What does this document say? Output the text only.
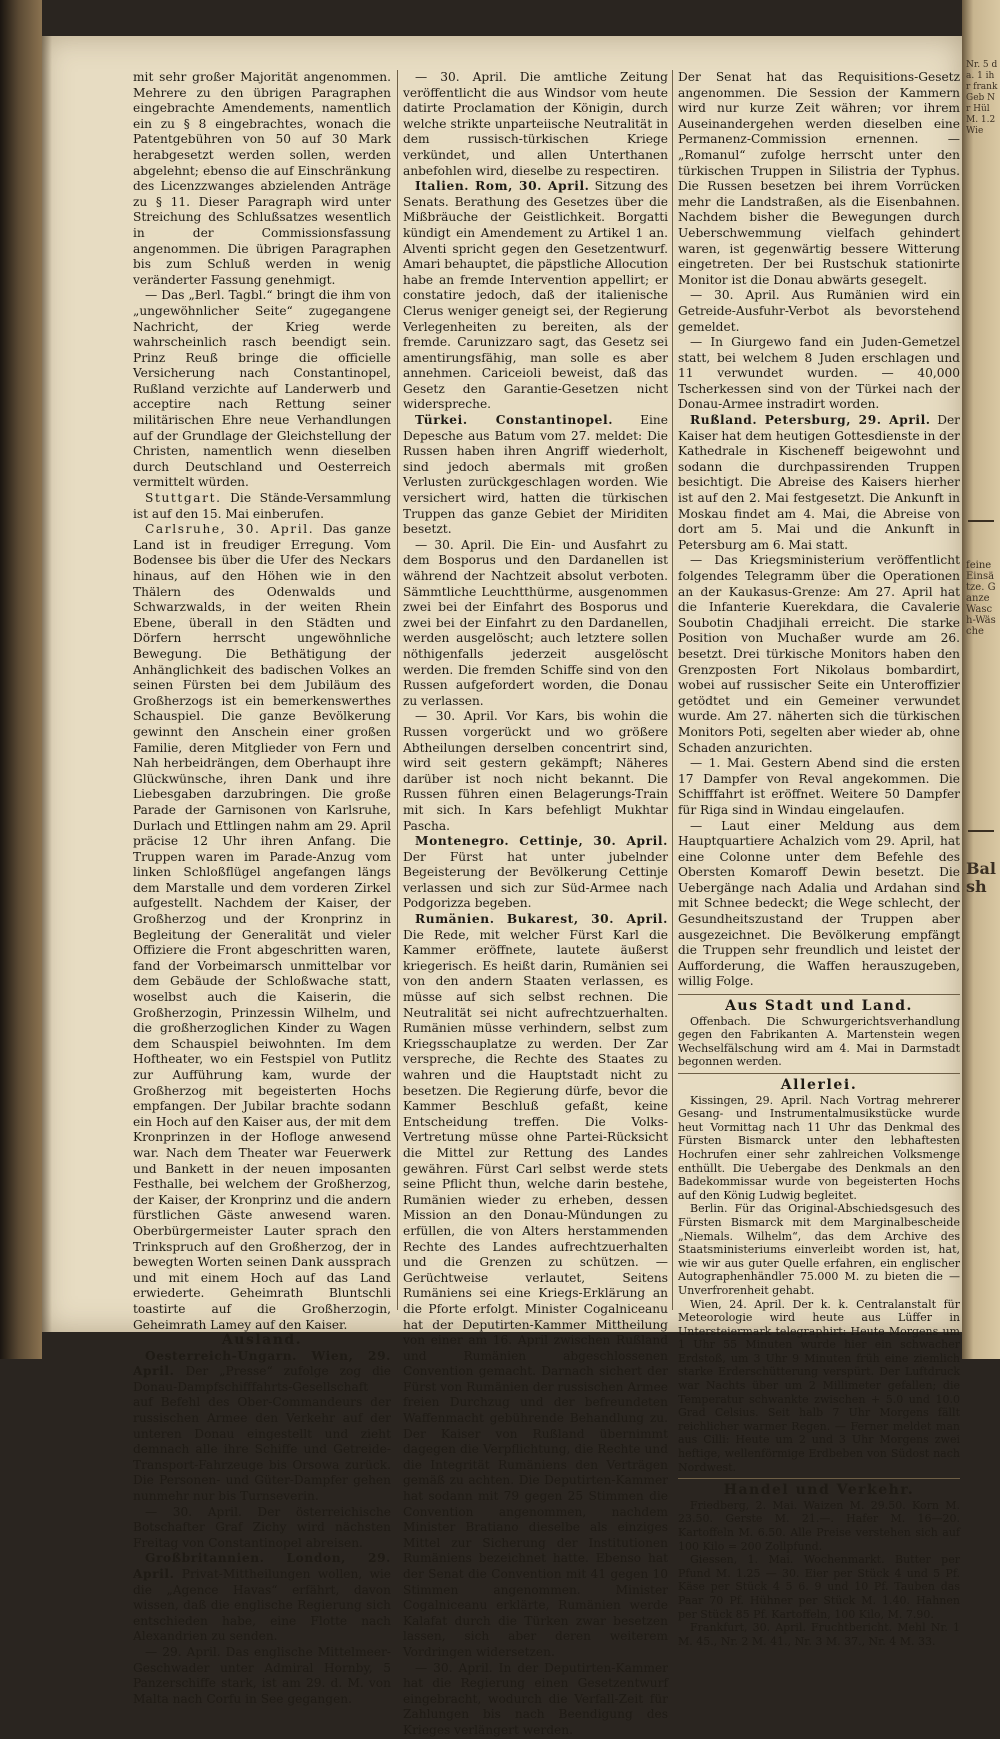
mit sehr großer Majorität angenommen. Mehrere zu den übrigen Paragraphen eingebrachte Amendements, namentlich ein zu § 8 eingebrachtes, wonach die Patentgebühren von 50 auf 30 Mark herabgesetzt werden sollen, werden abgelehnt; ebenso die auf Einschränkung des Licenzzwanges abzielenden Anträge zu § 11. Dieser Paragraph wird unter Streichung des Schlußsatzes wesentlich in der Commissionsfassung angenommen. Die übrigen Paragraphen bis zum Schluß werden in wenig veränderter Fassung genehmigt.

— Das „Berl. Tagbl.“ bringt die ihm von „ungewöhnlicher Seite“ zugegangene Nachricht, der Krieg werde wahrscheinlich rasch beendigt sein. Prinz Reuß bringe die officielle Versicherung nach Constantinopel, Rußland verzichte auf Landerwerb und acceptire nach Rettung seiner militärischen Ehre neue Verhandlungen auf der Grundlage der Gleichstellung der Christen, namentlich wenn dieselben durch Deutschland und Oesterreich vermittelt würden.

Stuttgart. Die Stände-Versammlung ist auf den 15. Mai einberufen.

Carlsruhe, 30. April. Das ganze Land ist in freudiger Erregung. Vom Bodensee bis über die Ufer des Neckars hinaus, auf den Höhen wie in den Thälern des Odenwalds und Schwarzwalds, in der weiten Rhein Ebene, überall in den Städten und Dörfern herrscht ungewöhnliche Bewegung. Die Bethätigung der Anhänglichkeit des badischen Volkes an seinen Fürsten bei dem Jubiläum des Großherzogs ist ein bemerkenswerthes Schauspiel. Die ganze Bevölkerung gewinnt den Anschein einer großen Familie, deren Mitglieder von Fern und Nah herbeidrängen, dem Oberhaupt ihre Glückwünsche, ihren Dank und ihre Liebesgaben darzubringen. Die große Parade der Garnisonen von Karlsruhe, Durlach und Ettlingen nahm am 29. April präcise 12 Uhr ihren Anfang. Die Truppen waren im Parade-Anzug vom linken Schloßflügel angefangen längs dem Marstalle und dem vorderen Zirkel aufgestellt. Nachdem der Kaiser, der Großherzog und der Kronprinz in Begleitung der Generalität und vieler Offiziere die Front abgeschritten waren, fand der Vorbeimarsch unmittelbar vor dem Gebäude der Schloßwache statt, woselbst auch die Kaiserin, die Großherzogin, Prinzessin Wilhelm, und die großherzoglichen Kinder zu Wagen dem Schauspiel beiwohnten. Im dem Hoftheater, wo ein Festspiel von Putlitz zur Aufführung kam, wurde der Großherzog mit begeisterten Hochs empfangen. Der Jubilar brachte sodann ein Hoch auf den Kaiser aus, der mit dem Kronprinzen in der Hofloge anwesend war. Nach dem Theater war Feuerwerk und Bankett in der neuen imposanten Festhalle, bei welchem der Großherzog, der Kaiser, der Kronprinz und die andern fürstlichen Gäste anwesend waren. Oberbürgermeister Lauter sprach den Trinkspruch auf den Großherzog, der in bewegten Worten seinen Dank aussprach und mit einem Hoch auf das Land erwiederte. Geheimrath Bluntschli toastirte auf die Großherzogin, Geheimrath Lamey auf den Kaiser.

Ausland.

Oesterreich-Ungarn. Wien, 29. April. Der „Presse“ zufolge zog die Donau-Dampfschifffahrts-Gesellschaft auf Befehl des Ober-Commandeurs der russischen Armee den Verkehr auf der unteren Donau eingestellt und zieht demnach alle ihre Schiffe und Getreide-Transport-Fahrzeuge bis Orsowa zurück. Die Personen- und Güter-Dampfer gehen nunmehr nur bis Turnseverin.

— 30. April. Der österreichische Botschafter Graf Zichy wird nächsten Freitag von Constantinopel abreisen.

Großbritannien. London, 29. April. Privat-Mittheilungen wollen, wie die „Agence Havas“ erfährt, davon wissen, daß die englische Regierung sich entschieden habe, eine Flotte nach Alexandrien zu senden.

— 29. April. Das englische Mittelmeer-Geschwader unter Admiral Hornby, 5 Panzerschiffe stark, ist am 29. d. M. von Malta nach Corfu in See gegangen.

— 30. April. Die amtliche Zeitung veröffentlicht die aus Windsor vom heute datirte Proclamation der Königin, durch welche strikte unparteiische Neutralität in dem russisch-türkischen Kriege verkündet, und allen Unterthanen anbefohlen wird, dieselbe zu respectiren.

Italien. Rom, 30. April. Sitzung des Senats. Berathung des Gesetzes über die Mißbräuche der Geistlichkeit. Borgatti kündigt ein Amendement zu Artikel 1 an. Alventi spricht gegen den Gesetzentwurf. Amari behauptet, die päpstliche Allocution habe an fremde Intervention appellirt; er constatire jedoch, daß der italienische Clerus weniger geneigt sei, der Regierung Verlegenheiten zu bereiten, als der fremde. Carunizzaro sagt, das Gesetz sei amentirungsfähig, man solle es aber annehmen. Cariceioli beweist, daß das Gesetz den Garantie-Gesetzen nicht widerspreche.

Türkei. Constantinopel. Eine Depesche aus Batum vom 27. meldet: Die Russen haben ihren Angriff wiederholt, sind jedoch abermals mit großen Verlusten zurückgeschlagen worden. Wie versichert wird, hatten die türkischen Truppen das ganze Gebiet der Miriditen besetzt.

— 30. April. Die Ein- und Ausfahrt zu dem Bosporus und den Dardanellen ist während der Nachtzeit absolut verboten. Sämmtliche Leuchtthürme, ausgenommen zwei bei der Einfahrt des Bosporus und zwei bei der Einfahrt zu den Dardanellen, werden ausgelöscht; auch letztere sollen nöthigenfalls jederzeit ausgelöscht werden. Die fremden Schiffe sind von den Russen aufgefordert worden, die Donau zu verlassen.

— 30. April. Vor Kars, bis wohin die Russen vorgerückt und wo größere Abtheilungen derselben concentrirt sind, wird seit gestern gekämpft; Näheres darüber ist noch nicht bekannt. Die Russen führen einen Belagerungs-Train mit sich. In Kars befehligt Mukhtar Pascha.

Montenegro. Cettinje, 30. April. Der Fürst hat unter jubelnder Begeisterung der Bevölkerung Cettinje verlassen und sich zur Süd-Armee nach Podgorizza begeben.

Rumänien. Bukarest, 30. April. Die Rede, mit welcher Fürst Karl die Kammer eröffnete, lautete äußerst kriegerisch. Es heißt darin, Rumänien sei von den andern Staaten verlassen, es müsse auf sich selbst rechnen. Die Neutralität sei nicht aufrechtzuerhalten. Rumänien müsse verhindern, selbst zum Kriegsschauplatze zu werden. Der Zar verspreche, die Rechte des Staates zu wahren und die Hauptstadt nicht zu besetzen. Die Regierung dürfe, bevor die Kammer Beschluß gefaßt, keine Entscheidung treffen. Die Volks-Vertretung müsse ohne Partei-Rücksicht die Mittel zur Rettung des Landes gewähren. Fürst Carl selbst werde stets seine Pflicht thun, welche darin bestehe, Rumänien wieder zu erheben, dessen Mission an den Donau-Mündungen zu erfüllen, die von Alters herstammenden Rechte des Landes aufrechtzuerhalten und die Grenzen zu schützen. — Gerüchtweise verlautet, Seitens Rumäniens sei eine Kriegs-Erklärung an die Pforte erfolgt. Minister Cogalniceanu hat der Deputirten-Kammer Mittheilung von einer am 16. April zwischen Rußland und Rumänien abgeschlossenen Convention gemacht. Darnach sichert der Fürst von Rumänien der russischen Armee freien Durchzug und der befreundeten Waffenmacht gebührende Behandlung zu. Der Kaiser von Rußland übernimmt dagegen die Verpflichtung, die Rechte und die Integrität Rumäniens den Verträgen gemäß zu achten. Die Deputirten-Kammer hat sodann mit 79 gegen 25 Stimmen die Convention angenommen, nachdem Minister Bratiano dieselbe als einziges Mittel zur Sicherung der Institutionen Rumäniens bezeichnet hatte. Ebenso hat der Senat die Convention mit 41 gegen 10 Stimmen angenommen. Minister Cogalniceanu erklärte, Rumänien werde Kalafat durch die Türken zwar besetzen lassen, sich aber deren weiterem Vordringen widersetzen.

— 30. April. In der Deputirten-Kammer hat die Regierung einen Gesetzentwurf eingebracht, wodurch die Verfall-Zeit für Zahlungen bis nach Beendigung des Krieges verlängert werden.

Der Senat hat das Requisitions-Gesetz angenommen. Die Session der Kammern wird nur kurze Zeit währen; vor ihrem Auseinandergehen werden dieselben eine Permanenz-Commission ernennen. — „Romanul“ zufolge herrscht unter den türkischen Truppen in Silistria der Typhus. Die Russen besetzen bei ihrem Vorrücken mehr die Landstraßen, als die Eisenbahnen. Nachdem bisher die Bewegungen durch Ueberschwemmung vielfach gehindert waren, ist gegenwärtig bessere Witterung eingetreten. Der bei Rustschuk stationirte Monitor ist die Donau abwärts gesegelt.

— 30. April. Aus Rumänien wird ein Getreide-Ausfuhr-Verbot als bevorstehend gemeldet.

— In Giurgewo fand ein Juden-Gemetzel statt, bei welchem 8 Juden erschlagen und 11 verwundet wurden. — 40,000 Tscherkessen sind von der Türkei nach der Donau-Armee instradirt worden.

Rußland. Petersburg, 29. April. Der Kaiser hat dem heutigen Gottesdienste in der Kathedrale in Kischeneff beigewohnt und sodann die durchpassirenden Truppen besichtigt. Die Abreise des Kaisers hierher ist auf den 2. Mai festgesetzt. Die Ankunft in Moskau findet am 4. Mai, die Abreise von dort am 5. Mai und die Ankunft in Petersburg am 6. Mai statt.

— Das Kriegsministerium veröffentlicht folgendes Telegramm über die Operationen an der Kaukasus-Grenze: Am 27. April hat die Infanterie Kuerekdara, die Cavalerie Soubotin Chadjihali erreicht. Die starke Position von Muchaßer wurde am 26. besetzt. Drei türkische Monitors haben den Grenzposten Fort Nikolaus bombardirt, wobei auf russischer Seite ein Unteroffizier getödtet und ein Gemeiner verwundet wurde. Am 27. näherten sich die türkischen Monitors Poti, segelten aber wieder ab, ohne Schaden anzurichten.

— 1. Mai. Gestern Abend sind die ersten 17 Dampfer von Reval angekommen. Die Schifffahrt ist eröffnet. Weitere 50 Dampfer für Riga sind in Windau eingelaufen.

— Laut einer Meldung aus dem Hauptquartiere Achalzich vom 29. April, hat eine Colonne unter dem Befehle des Obersten Komaroff Dewin besetzt. Die Uebergänge nach Adalia und Ardahan sind mit Schnee bedeckt; die Wege schlecht, der Gesundheitszustand der Truppen aber ausgezeichnet. Die Bevölkerung empfängt die Truppen sehr freundlich und leistet der Aufforderung, die Waffen herauszugeben, willig Folge.

Aus Stadt und Land.

Offenbach. Die Schwurgerichtsverhandlung gegen den Fabrikanten A. Martenstein wegen Wechselfälschung wird am 4. Mai in Darmstadt begonnen werden.

Allerlei.

Kissingen, 29. April. Nach Vortrag mehrerer Gesang- und Instrumentalmusikstücke wurde heut Vormittag nach 11 Uhr das Denkmal des Fürsten Bismarck unter den lebhaftesten Hochrufen einer sehr zahlreichen Volksmenge enthüllt. Die Uebergabe des Denkmals an den Badekommissar wurde von begeisterten Hochs auf den König Ludwig begleitet.

Berlin. Für das Original-Abschiedsgesuch des Fürsten Bismarck mit dem Marginalbescheide „Niemals. Wilhelm“, das dem Archive des Staatsministeriums einverleibt worden ist, hat, wie wir aus guter Quelle erfahren, ein englischer Autographenhändler 75.000 M. zu bieten die — Unverfrorenheit gehabt.

Wien, 24. April. Der k. k. Centralanstalt für Meteorologie wird heute aus Lüffer in Untersteiermark telegraphirt: Heute Morgens um 1 Uhr 55 Minuten wurde hier ein schwacher Erdstoß, um 3 Uhr 9 Minuten früh eine ziemlich starke Erderschütterung verspürt. Der Luftdruck war Nachts über um 2 Millimeter gefallen; die Temperatur schwankte zwischen + 5.0 und 10.0 Grad Celsius. Seit halb 7 Uhr Morgens fällt reichlicher warmer Regen. — Ferner meldet man aus Cilli: Heute um 2 und 3 Uhr Morgens zwei heftige, wellenförmige Erdbeben von Südost nach Nordwest.

Handel und Verkehr.

Friedberg, 2. Mai. Waizen M. 29.50. Korn M. 23.50. Gerste M. 21.—. Hafer M. 16—20. Kartoffeln M. 6.50. Alle Preise verstehen sich auf 100 Kilo = 200 Zollpfund.

Giessen, 1. Mai. Wochenmarkt. Butter per Pfund M. 1.25 — 30. Eier per Stück 4 und 5 Pf. Käse per Stück 4 5 6. 9 und 10 Pf. Tauben das Paar 70 Pf. Hühner per Stück M. 1.40. Hahnen per Stück 85 Pf. Kartoffeln, 100 Kilo, M. 7.90.

Frankfurt, 30. April. Fruchtbericht. Mehl Nr. 1 M. 45., Nr. 2 M. 41., Nr. 3 M. 37., Nr. 4 M. 33.

Nr. 5 da. 1 ihr frank Geb Nr Hül M. 1.2 Wie
feine Einsätze. Ganze Wasch-Wäsche
Balsh
